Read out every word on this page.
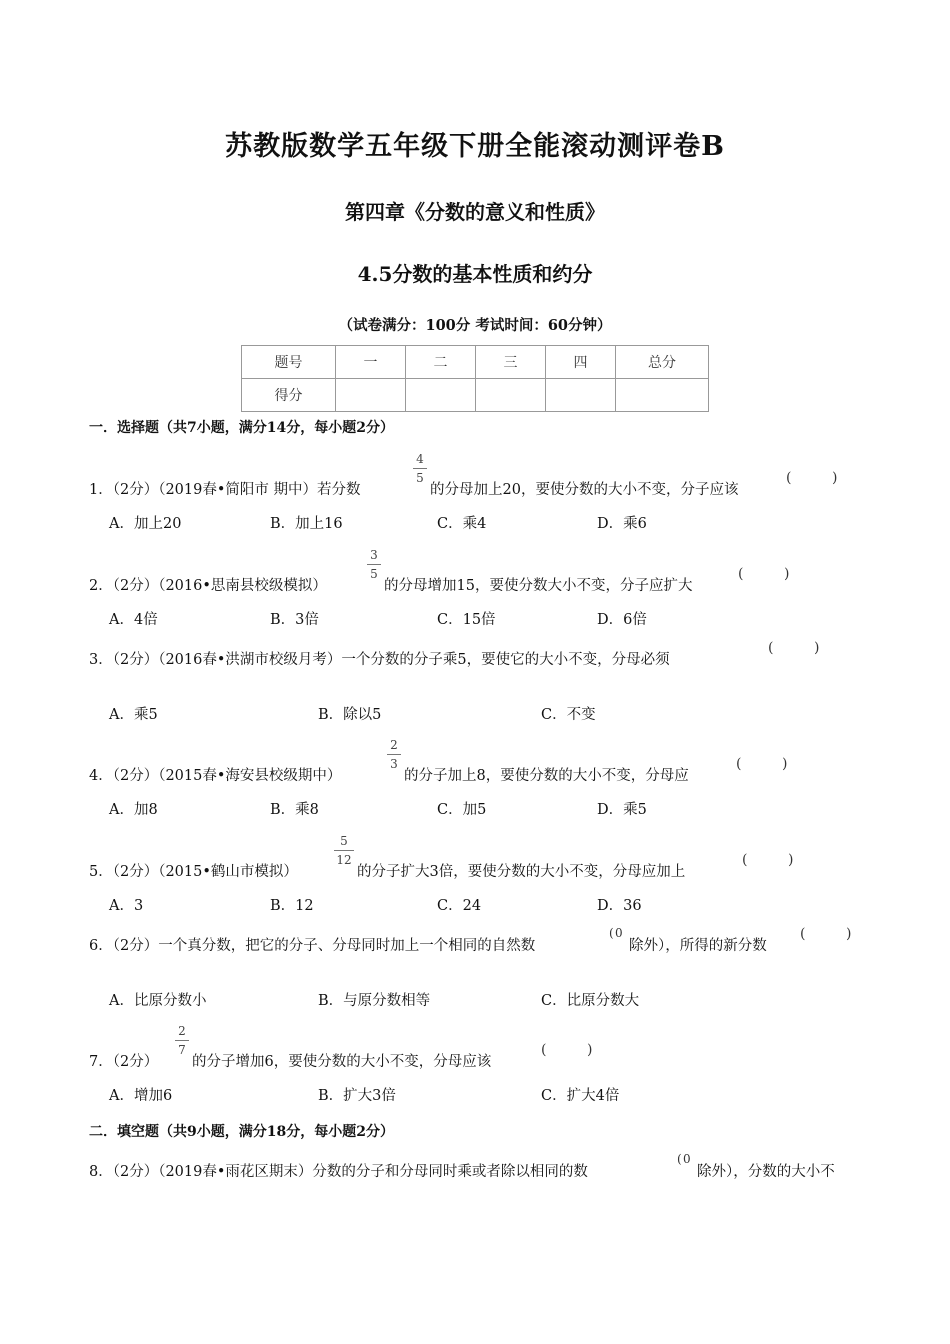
苏教版数学五年级下册全能滚动测评卷B
第四章《分数的意义和性质》
4.5分数的基本性质和约分
（试卷满分：100分 考试时间：60分钟）
题号	一	二	三	四	总分
得分					
一．选择题（共7小题，满分14分，每小题2分）
1．（2分）（2019春•简阳市 期中）若分数
4
5
的分母加上20，要使分数的大小不变，分子应该
(	)
A．加上20	B．加上16	C．乘4	D．乘6
2．（2分）（2016•思南县校级模拟）
3
5
的分母增加15，要使分数大小不变，分子应扩大
(	)
A．4倍	B．3倍	C．15倍	D．6倍
3．（2分）（2016春•洪湖市校级月考）一个分数的分子乘5，要使它的大小不变，分母必须
(	)
A．乘5	B．除以5	C．不变
4．（2分）（2015春•海安县校级期中）
2
3
的分子加上8，要使分数的大小不变，分母应
(	)
A．加8	B．乘8	C．加5	D．乘5
5．（2分）（2015•鹤山市模拟）
5
12
的分子扩大3倍，要使分数的大小不变，分母应加上
(	)
A．3	B．12	C．24	D．36
6．（2分）一个真分数，把它的分子、分母同时加上一个相同的自然数
( 0
除外），所得的新分数
(	)
A．比原分数小	B．与原分数相等	C．比原分数大
7．（2分）
2
7
的分子增加6，要使分数的大小不变，分母应该
(	)
A．增加6	B．扩大3倍	C．扩大4倍
二．填空题（共9小题，满分18分，每小题2分）
8．（2分）（2019春•雨花区期末）分数的分子和分母同时乘或者除以相同的数
( 0
除外），分数的大小不
